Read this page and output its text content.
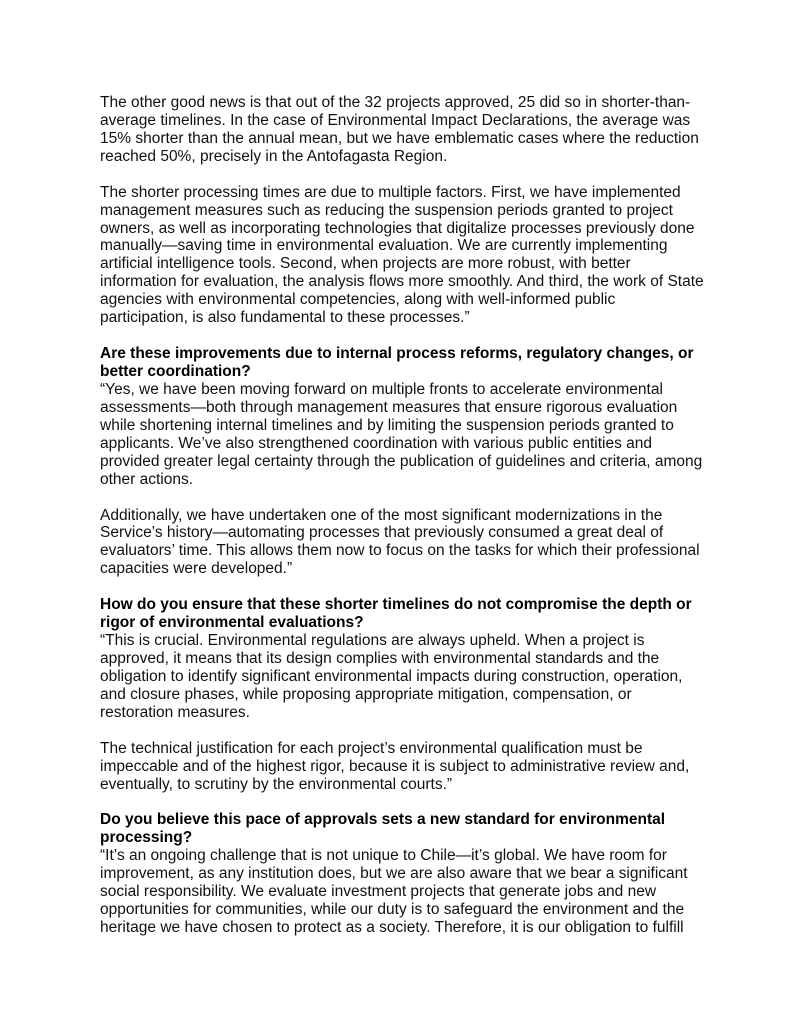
The other good news is that out of the 32 projects approved, 25 did so in shorter-than-
average timelines. In the case of Environmental Impact Declarations, the average was
15% shorter than the annual mean, but we have emblematic cases where the reduction
reached 50%, precisely in the Antofagasta Region.
The shorter processing times are due to multiple factors. First, we have implemented
management measures such as reducing the suspension periods granted to project
owners, as well as incorporating technologies that digitalize processes previously done
manually—saving time in environmental evaluation. We are currently implementing
artificial intelligence tools. Second, when projects are more robust, with better
information for evaluation, the analysis flows more smoothly. And third, the work of State
agencies with environmental competencies, along with well-informed public
participation, is also fundamental to these processes.”
Are these improvements due to internal process reforms, regulatory changes, or
better coordination?
“Yes, we have been moving forward on multiple fronts to accelerate environmental
assessments—both through management measures that ensure rigorous evaluation
while shortening internal timelines and by limiting the suspension periods granted to
applicants. We’ve also strengthened coordination with various public entities and
provided greater legal certainty through the publication of guidelines and criteria, among
other actions.
Additionally, we have undertaken one of the most significant modernizations in the
Service’s history—automating processes that previously consumed a great deal of
evaluators’ time. This allows them now to focus on the tasks for which their professional
capacities were developed.”
How do you ensure that these shorter timelines do not compromise the depth or
rigor of environmental evaluations?
“This is crucial. Environmental regulations are always upheld. When a project is
approved, it means that its design complies with environmental standards and the
obligation to identify significant environmental impacts during construction, operation,
and closure phases, while proposing appropriate mitigation, compensation, or
restoration measures.
The technical justification for each project’s environmental qualification must be
impeccable and of the highest rigor, because it is subject to administrative review and,
eventually, to scrutiny by the environmental courts.”
Do you believe this pace of approvals sets a new standard for environmental
processing?
“It’s an ongoing challenge that is not unique to Chile—it’s global. We have room for
improvement, as any institution does, but we are also aware that we bear a significant
social responsibility. We evaluate investment projects that generate jobs and new
opportunities for communities, while our duty is to safeguard the environment and the
heritage we have chosen to protect as a society. Therefore, it is our obligation to fulfill
